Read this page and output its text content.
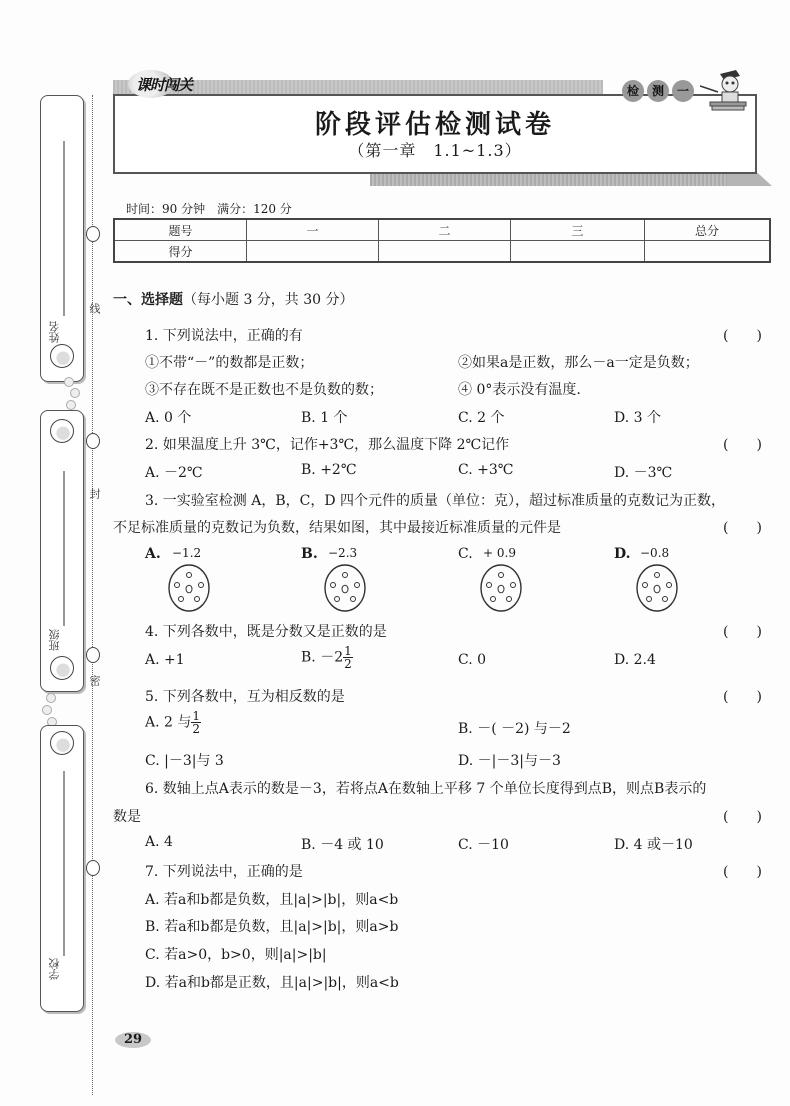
姓名
班级
学校
线
封
密
课时闯关	检	测	一
阶段评估检测试卷
（第一章　1.1~1.3）
时间：90 分钟　满分：120 分
题号	一	二	三	总分
得分				
一、选择题（每小题 3 分，共 30 分）
1. 下列说法中，正确的有	(　　)
①不带“－”的数都是正数；	②如果a是正数，那么－a一定是负数；
③不存在既不是正数也不是负数的数；	④ 0°表示没有温度.
A. 0 个	B. 1 个	C. 2 个	D. 3 个
2. 如果温度上升 3℃，记作+3℃，那么温度下降 2℃记作	(　　)
A. －2℃	B. +2℃	C. +3℃	D. －3℃
3. 一实验室检测 A，B，C，D 四个元件的质量（单位：克），超过标准质量的克数记为正数，
不足标准质量的克数记为负数，结果如图，其中最接近标准质量的元件是	(　　)
A. −1.2	B. −2.3	C. + 0.9	D. −0.8
4. 下列各数中，既是分数又是正数的是	(　　)
A. +1	B. $-2 \frac{1}{2}$	C. 0	D. 2.4
5. 下列各数中，互为相反数的是	(　　)
A. 2 与 $\frac{1}{2}$	B. －( －2) 与－2
C. |－3|与 3	D. －|－3|与－3
6. 数轴上点A表示的数是－3，若将点A在数轴上平移 7 个单位长度得到点B，则点B表示的
数是	(　　)
A. 4	B. －4 或 10	C. －10	D. 4 或－10
7. 下列说法中，正确的是	(　　)
A. 若a和b都是负数，且|a|>|b|，则a<b
B. 若a和b都是负数，且|a|>|b|，则a>b
C. 若a>0，b>0，则|a|>|b|
D. 若a和b都是正数，且|a|>|b|，则a<b
29
